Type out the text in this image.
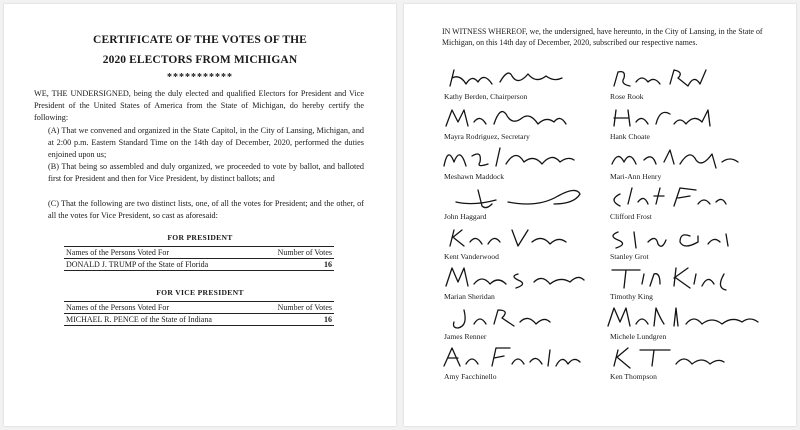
CERTIFICATE OF THE VOTES OF THE
2020 ELECTORS FROM MICHIGAN
***********

WE, THE UNDERSIGNED, being the duly elected and qualified Electors for President and Vice President of the United States of America from the State of Michigan, do hereby certify the following:

(A) That we convened and organized in the State Capitol, in the City of Lansing, Michigan, and at 2:00 p.m. Eastern Standard Time on the 14th day of December, 2020, performed the duties enjoined upon us;

(B) That being so assembled and duly organized, we proceeded to vote by ballot, and balloted first for President and then for Vice President, by distinct ballots; and

(C) That the following are two distinct lists, one, of all the votes for President; and the other, of all the votes for Vice President, so cast as aforesaid:

FOR PRESIDENT
Names of the Persons Voted For	Number of Votes
DONALD J. TRUMP of the State of Florida	16
FOR VICE PRESIDENT
Names of the Persons Voted For	Number of Votes
MICHAEL R. PENCE of the State of Indiana	16

IN WITNESS WHEREOF, we, the undersigned, have hereunto, in the City of Lansing, in the State of Michigan, on this 14th day of December, 2020, subscribed our respective names.

Kathy Berden, Chairperson	Rose Rook
Mayra Rodriguez, Secretary	Hank Choate
Meshawn Maddock	Mari-Ann Henry
John Haggard	Clifford Frost
Kent Vanderwood	Stanley Grot
Marian Sheridan	Timothy King
James Renner	Michele Lundgren
Amy Facchinello	Ken Thompson
